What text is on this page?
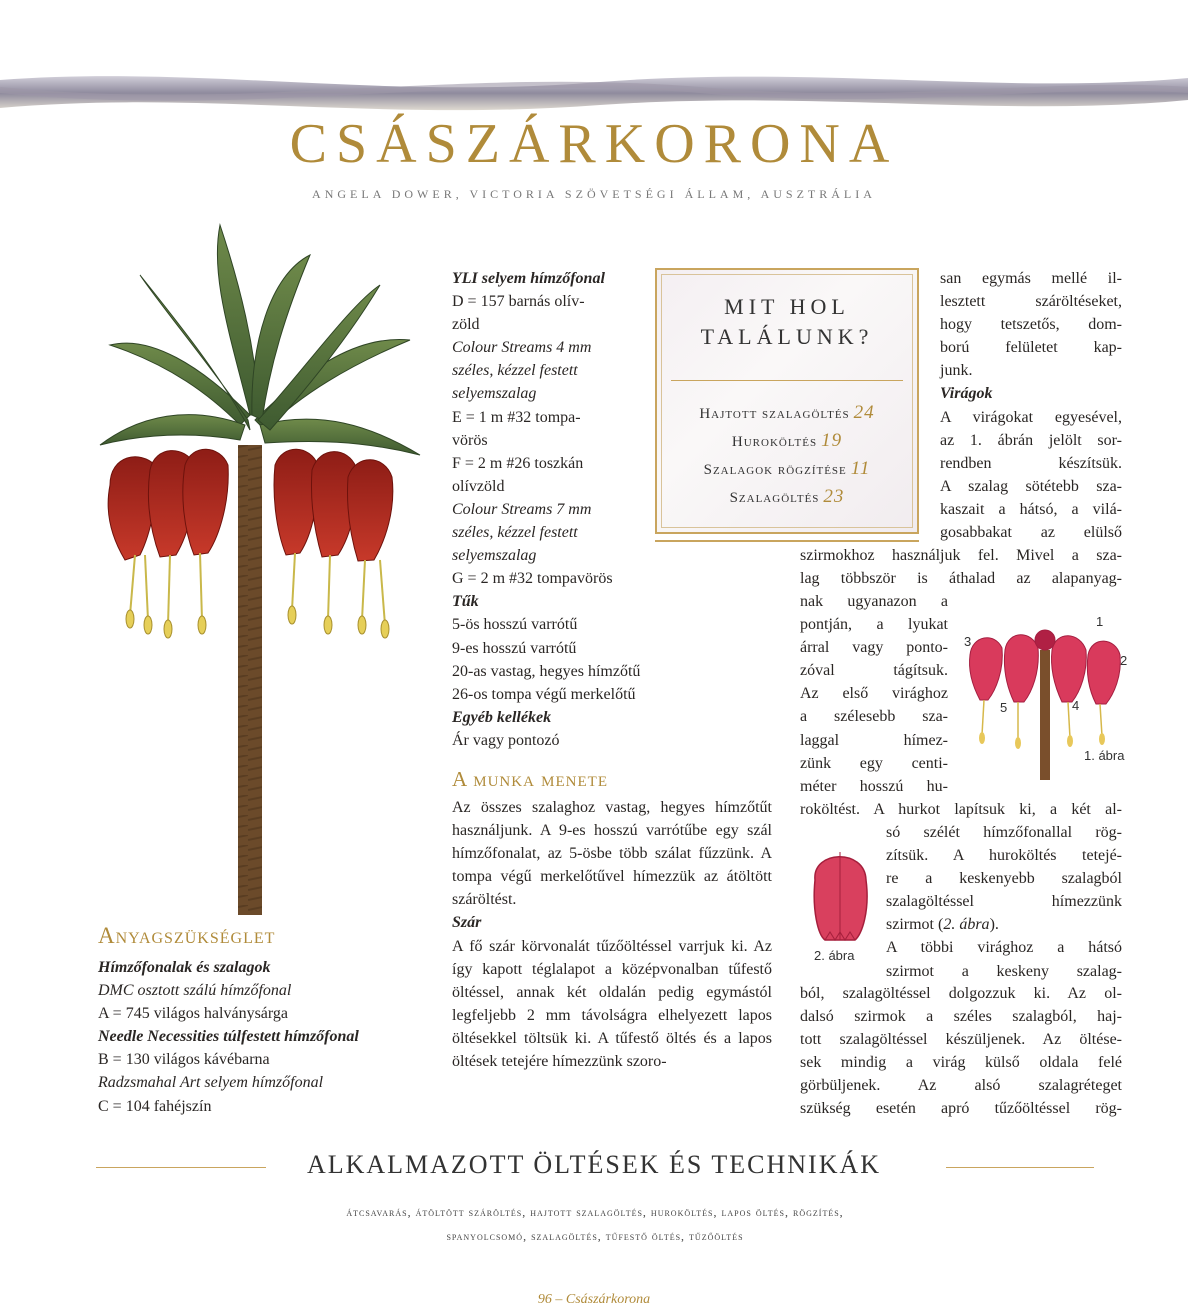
CSÁSZÁRKORONA
ANGELA DOWER, VICTORIA SZÖVETSÉGI ÁLLAM, AUSZTRÁLIA
Anyagszükséglet

Hímzőfonalak és szalagok

DMC osztott szálú hímzőfonal

A = 745 világos halványsárga

Needle Necessities túlfestett hímzőfonal

B = 130 világos kávébarna

Radzsmahal Art selyem hímzőfonal

C = 104 fahéjszín

YLI selyem hímzőfonal

D = 157 barnás olív-

zöld

Colour Streams 4 mm

széles, kézzel festett

selyemszalag

E = 1 m #32 tompa-

vörös

F = 2 m #26 toszkán

olívzöld

Colour Streams 7 mm

széles, kézzel festett

selyemszalag

G = 2 m #32 tompavörös

Tűk

5-ös hosszú varrótű

9-es hosszú varrótű

20-as vastag, hegyes hímzőtű

26-os tompa végű merkelőtű

Egyéb kellékek

Ár vagy pontozó

A munka menete

Az összes szalaghoz vastag, hegyes hímzőtűt használjunk. A 9-es hosszú varrótűbe egy szál hímzőfonalat, az 5-ösbe több szálat fűzzünk. A tompa végű merkelőtűvel hímezzük az átöltött száröltést.

Szár

A fő szár körvonalát tűzőöltéssel varrjuk ki. Az így kapott téglalapot a középvonalban tűfestő öltéssel, annak két oldalán pedig egymástól legfeljebb 2 mm távolságra elhelyezett lapos öltésekkel töltsük ki. A tűfestő öltés és a lapos öltések tetejére hímezzünk szoro-

MIT HOL
TALÁLUNK?
Hajtott szalagöltés 24
Huroköltés 19
Szalagok rögzítése 11
Szalagöltés 23

san egymás mellé il-

lesztett száröltéseket,

hogy tetszetős, dom-

ború felületet kap-

junk.

Virágok

A virágokat egyesével,

az 1. ábrán jelölt sor-

rendben készítsük.

A szalag sötétebb sza-

kaszait a hátsó, a vilá-

gosabbakat az elülső

szirmokhoz használjuk fel. Mivel a sza-

lag többször is áthalad az alapanyag-

nak ugyanazon a

pontján, a lyukat

árral vagy ponto-

zóval tágítsuk.

Az első virághoz

a szélesebb sza-

laggal hímez-

zünk egy centi-

méter hosszú hu-

roköltést. A hurkot lapítsuk ki, a két al-

só szélét hímzőfonallal rög-

zítsük. A huroköltés tetejé-

re a keskenyebb szalagból

szalagöltéssel hímezzünk

szirmot (2. ábra).

A többi virághoz a hátsó

szirmot a keskeny szalag-

ból, szalagöltéssel dolgozzuk ki. Az ol-

dalsó szirmok a széles szalagból, haj-

tott szalagöltéssel készüljenek. Az öltése-

sek mindig a virág külső oldala felé

görbüljenek. Az alsó szalagréteget

szükség esetén apró tűzőöltéssel rög-

1
2
3
4
5
1. ábra
2. ábra
ALKALMAZOTT ÖLTÉSEK ÉS TECHNIKÁK
átcsavarás, átöltött száröltés, hajtott szalagöltés, huroköltés, lapos öltés, rögzítés,
spanyolcsomó, szalagöltés, tűfestő öltés, tűzőöltés
96 – Császárkorona
